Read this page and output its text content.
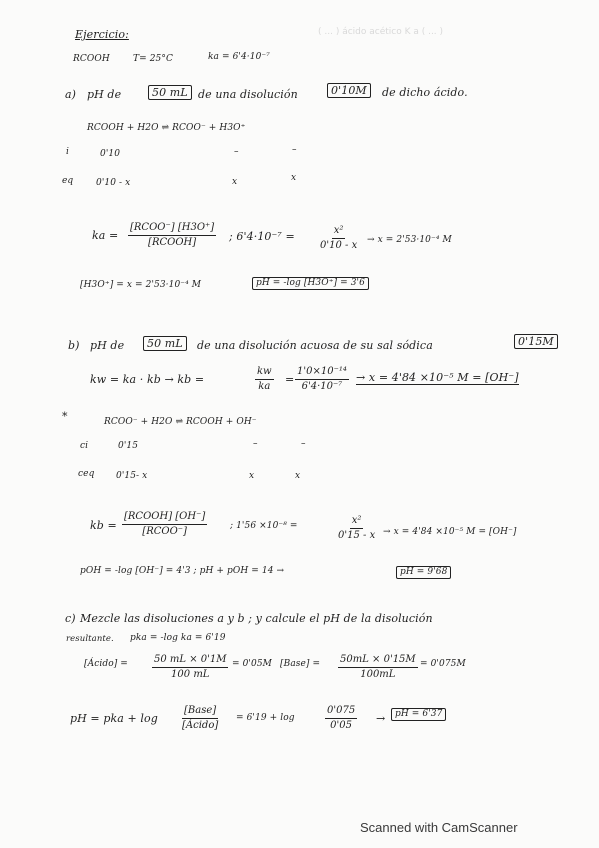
( ... ) ácido acético K a ( ... )
Ejercicio:
RCOOH	T= 25°C	ka = 6'4·10⁻⁷
a) pH de	50 mL de una disolución	0'10M	de dicho ácido.
RCOOH + H2O ⇌ RCOO⁻ + H3O⁺
i	0'10	–	–
eq	0'10 - x	x	x
ka =
[RCOO⁻] [H3O⁺]
[RCOOH]	; $6'4\cdot 10^{-7} = \frac{\text{x²}}{0'10 - x} \to x = 2'53\cdot 10^{-4}$ M
[H3O⁺] = x = 2'53·10⁻⁴ M	pH = -log [H3O⁺] = 3'6
b) pH de	50 mL	de una disolución acuosa de su sal sódica	0'15M
kw = ka · kb → kb =	$\frac{kw}{ka} = \frac{\text{1'0×10⁻¹⁴}}{\text{6'4·10⁻⁷}} \to x = 4'84 \times 10^{-5}$ M = [OH⁻]
*	RCOO⁻ + H2O ⇌ RCOOH + OH⁻
ci	0'15	–	–
ceq 0'15- x	x	x
kb =
[RCOOH] [OH⁻]
[RCOO⁻]	; 1'56 ×10⁻⁸ =	$\frac{\text{x²}}{0'15 - x} \to x = 4'84 \times 10^{-5}$ M = [OH⁻]
pOH = -log [OH⁻] = 4'3 ; pH + pOH = 14 →	pH = 9'68
c) Mezcle las disoluciones a y b ; y calcule el pH de la disolución
resultante. pka = -log ka = 6'19
[Ácido] = $\frac{50 mL \times 0'1M}{100 mL} = 0'05M$ [Base] = $\frac{50mL \times 0'15M}{100mL} = 0'075M$
pH = pka + log
[Base]
[Ácido]
= 6'19 + log	$\frac{0'075}{0'05}$ →	pH = 6'37
Scanned with CamScanner
